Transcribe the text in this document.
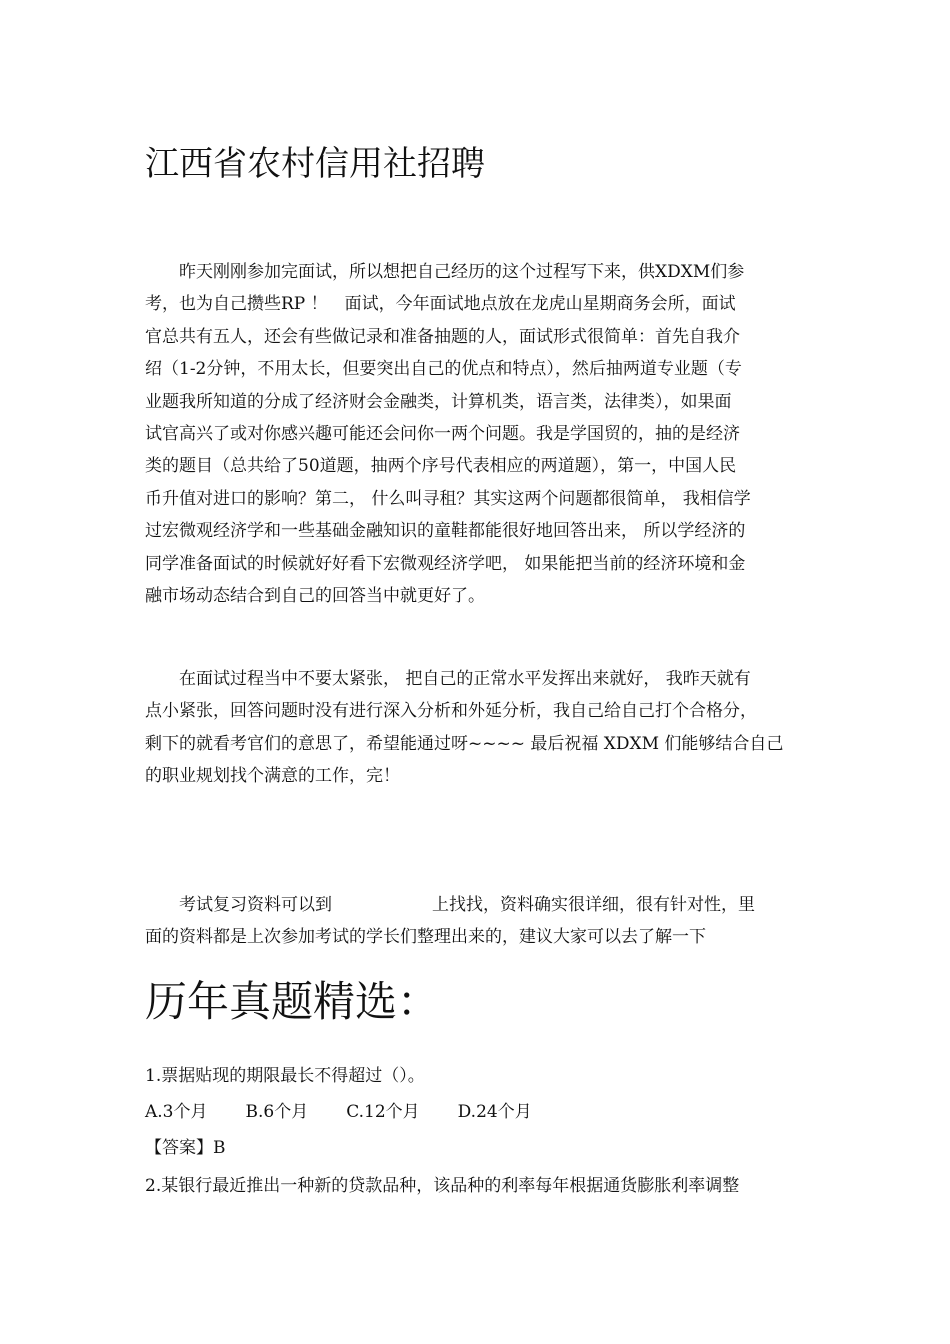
江西省农村信用社招聘
　　昨天刚刚参加完面试，所以想把自己经历的这个过程写下来，供XDXM们参
考，也为自己攒些RP ！　面试，今年面试地点放在龙虎山星期商务会所，面试
官总共有五人，还会有些做记录和准备抽题的人，面试形式很简单：首先自我介
绍（1-2分钟，不用太长，但要突出自己的优点和特点），然后抽两道专业题（专
业题我所知道的分成了经济财会金融类，计算机类，语言类，法律类），如果面
试官高兴了或对你感兴趣可能还会问你一两个问题。我是学国贸的，抽的是经济
类的题目（总共给了50道题，抽两个序号代表相应的两道题），第一，中国人民
币升值对进口的影响？第二， 什么叫寻租？其实这两个问题都很简单， 我相信学
过宏微观经济学和一些基础金融知识的童鞋都能很好地回答出来， 所以学经济的
同学准备面试的时候就好好看下宏微观经济学吧， 如果能把当前的经济环境和金
融市场动态结合到自己的回答当中就更好了。
　　在面试过程当中不要太紧张， 把自己的正常水平发挥出来就好， 我昨天就有
点小紧张，回答问题时没有进行深入分析和外延分析，我自己给自己打个合格分，
剩下的就看考官们的意思了，希望能通过呀~~~~ 最后祝福 XDXM 们能够结合自己
的职业规划找个满意的工作，完！
　　考试复习资料可以到	上找找，资料确实很详细，很有针对性，里
面的资料都是上次参加考试的学长们整理出来的，建议大家可以去了解一下
历年真题精选：

1.票据贴现的期限最长不得超过（）。

A.3个月 B.6个月 C.12个月 D.24个月

【答案】B

2.某银行最近推出一种新的贷款品种，该品种的利率每年根据通货膨胀利率调整
